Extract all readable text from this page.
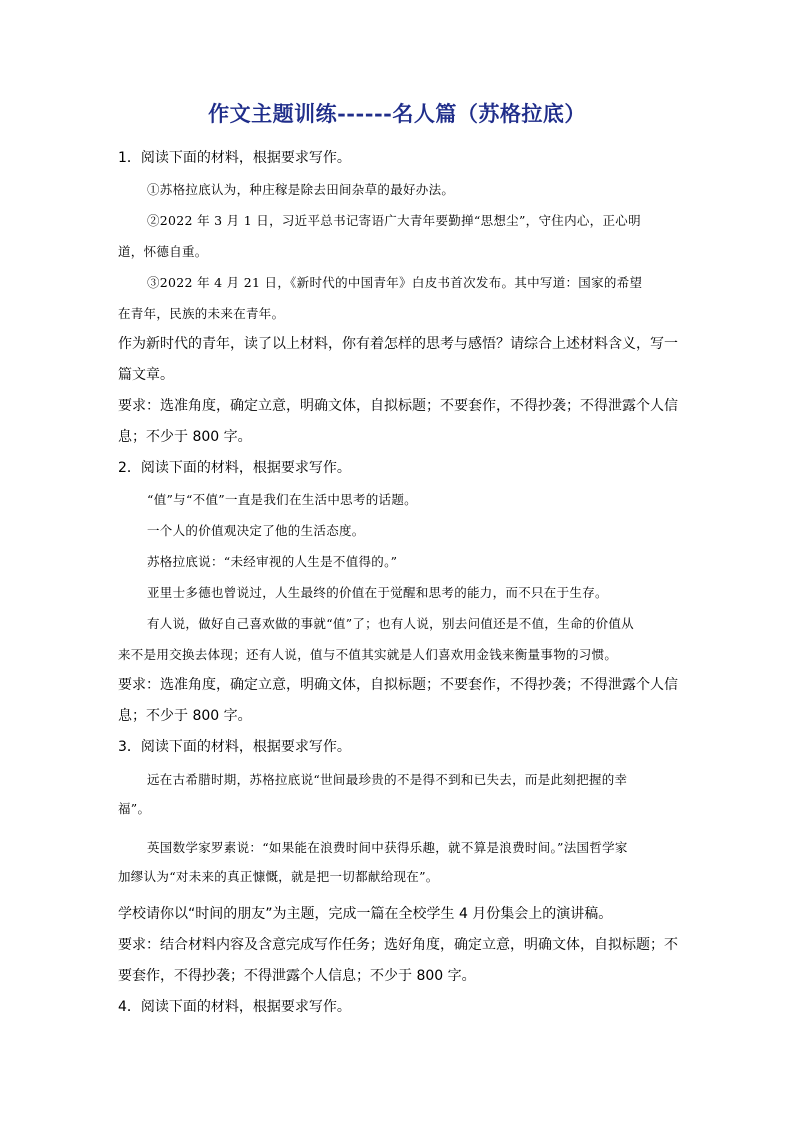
作文主题训练------名人篇（苏格拉底）
1．阅读下面的材料，根据要求写作。
①苏格拉底认为，种庄稼是除去田间杂草的最好办法。
②2022 年 3 月 1 日，习近平总书记寄语广大青年要勤掸“思想尘”，守住内心，正心明
道，怀德自重。
③2022 年 4 月 21 日，《新时代的中国青年》白皮书首次发布。其中写道：国家的希望
在青年，民族的未来在青年。
作为新时代的青年，读了以上材料，你有着怎样的思考与感悟？请综合上述材料含义，写一
篇文章。
要求：选准角度，确定立意，明确文体，自拟标题；不要套作，不得抄袭；不得泄露个人信
息；不少于 800 字。
2．阅读下面的材料，根据要求写作。
“值”与“不值”一直是我们在生活中思考的话题。
一个人的价值观决定了他的生活态度。
苏格拉底说：“未经审视的人生是不值得的。”
亚里士多德也曾说过，人生最终的价值在于觉醒和思考的能力，而不只在于生存。
有人说，做好自己喜欢做的事就“值”了；也有人说，别去问值还是不值，生命的价值从
来不是用交换去体现；还有人说，值与不值其实就是人们喜欢用金钱来衡量事物的习惯。
要求：选准角度，确定立意，明确文体，自拟标题；不要套作，不得抄袭；不得泄露个人信
息；不少于 800 字。
3．阅读下面的材料，根据要求写作。
远在古希腊时期，苏格拉底说“世间最珍贵的不是得不到和已失去，而是此刻把握的幸
福”。
英国数学家罗素说：“如果能在浪费时间中获得乐趣，就不算是浪费时间。”法国哲学家
加缪认为“对未来的真正慷慨，就是把一切都献给现在”。
学校请你以“时间的朋友”为主题，完成一篇在全校学生 4 月份集会上的演讲稿。
要求：结合材料内容及含意完成写作任务；选好角度，确定立意，明确文体，自拟标题；不
要套作，不得抄袭；不得泄露个人信息；不少于 800 字。
4．阅读下面的材料，根据要求写作。
